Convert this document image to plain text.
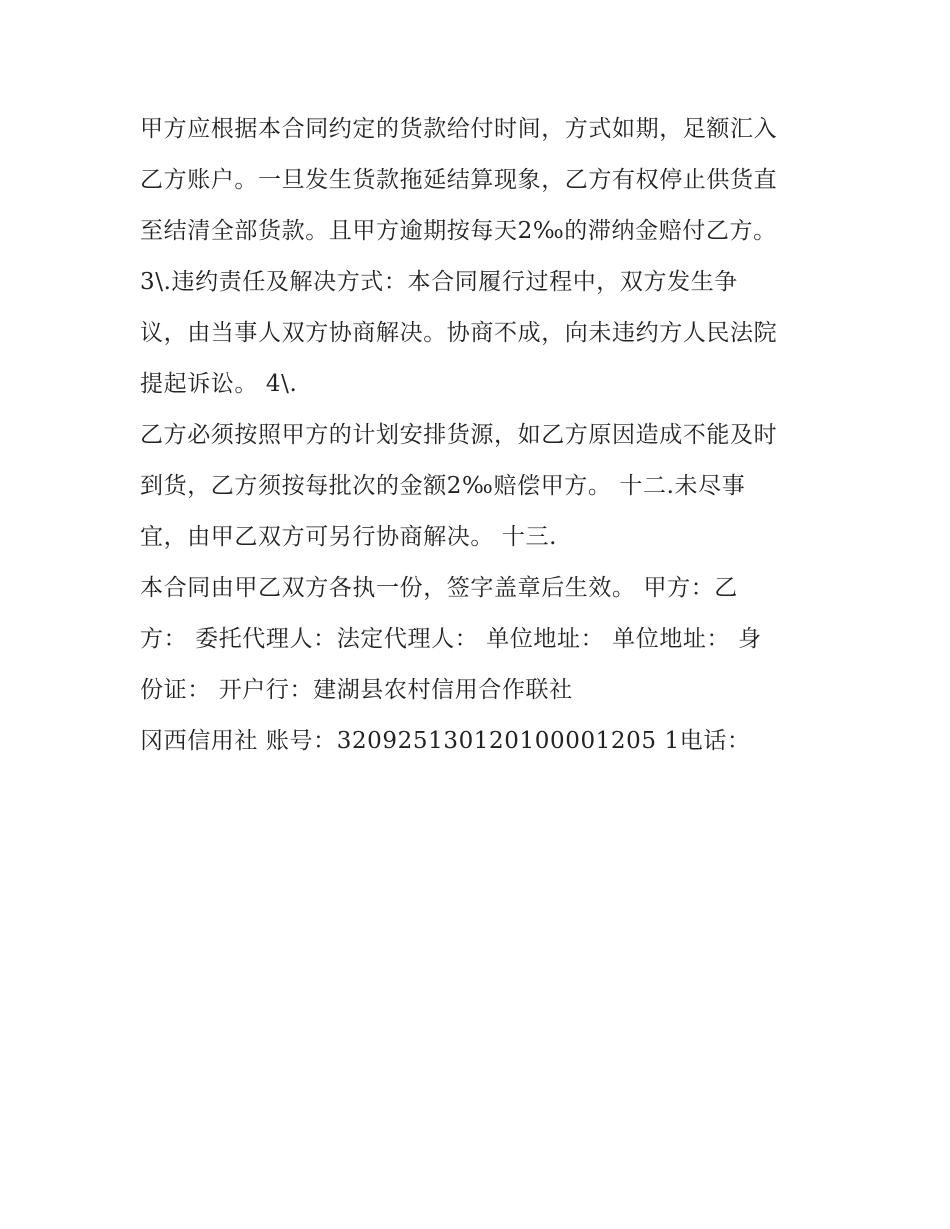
甲方应根据本合同约定的货款给付时间，方式如期，足额汇入
乙方账户。一旦发生货款拖延结算现象，乙方有权停止供货直
至结清全部货款。且甲方逾期按每天2‰的滞纳金赔付乙方。
3\.违约责任及解决方式：本合同履行过程中，双方发生争
议，由当事人双方协商解决。协商不成，向未违约方人民法院
提起诉讼。 4\.
乙方必须按照甲方的计划安排货源，如乙方原因造成不能及时
到货，乙方须按每批次的金额2‰赔偿甲方。 十二.未尽事
宜，由甲乙双方可另行协商解决。 十三.
本合同由甲乙双方各执一份，签字盖章后生效。 甲方：乙
方： 委托代理人：法定代理人： 单位地址： 单位地址： 身
份证： 开户行：建湖县农村信用合作联社
冈西信用社 账号：320925130120100001205 1电话：
